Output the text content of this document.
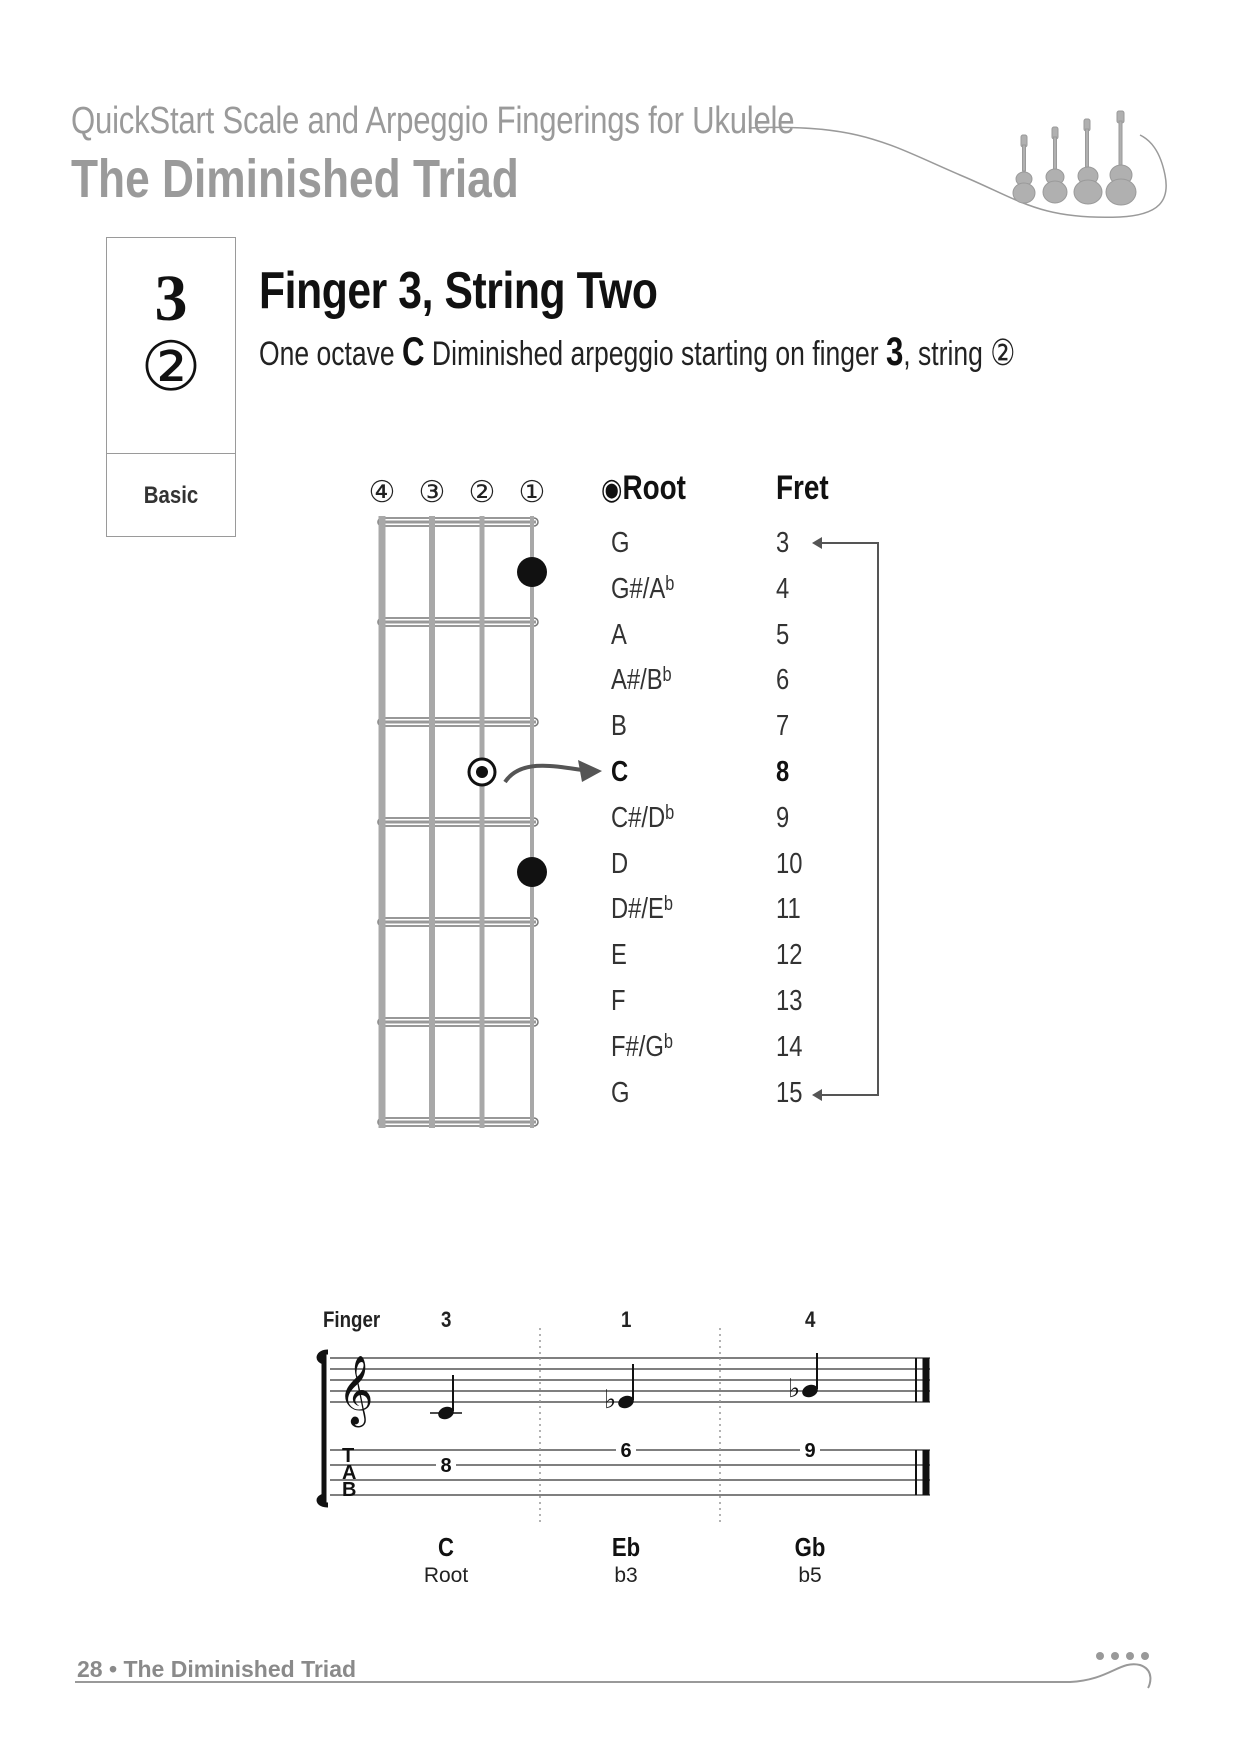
QuickStart Scale and Arpeggio Fingerings for Ukulele
The Diminished Triad
3
②
Basic
Finger 3, String Two
One octave C Diminished arpeggio starting on finger 3, string ②
④ ③ ② ① ◉Root	Fret
G	3
$G\#/A^b$	4
A	5
$A\#/B^b$	6
B	7
C	8
$C\#/D^b$	9
D	10
$D\#/E^b$	11
E	12
F	13
$F\#/G^b$	14
G	15
𝄞
T
A
B
8
♭
6
♭
9
Finger	3
C
Root
1
Eb
b3
4
Gb
b5
28 • The Diminished Triad
